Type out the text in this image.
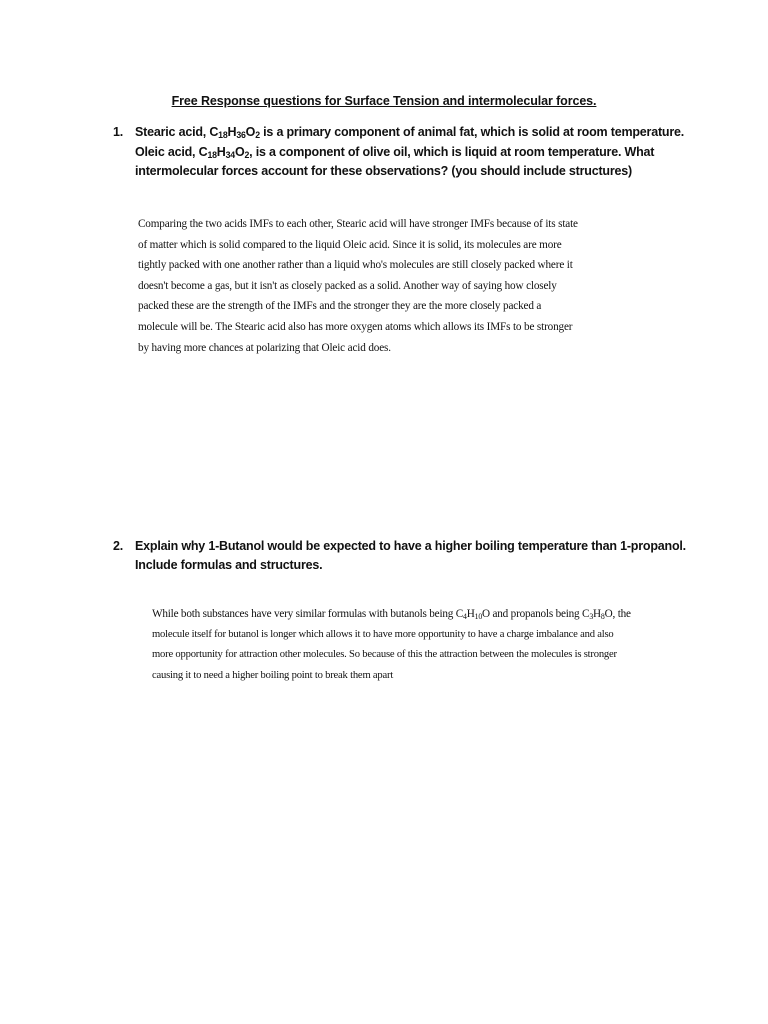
Free Response questions for Surface Tension and intermolecular forces.
1. Stearic acid, $C_{18}H_{36}O_2$ is a primary component of animal fat, which is solid at room temperature.
Oleic acid, $C_{18}H_{34}O_2$, is a component of olive oil, which is liquid at room temperature. What
intermolecular forces account for these observations? (you should include structures)
Comparing the two acids IMFs to each other, Stearic acid will have stronger IMFs because of its state
of matter which is solid compared to the liquid Oleic acid. Since it is solid, its molecules are more
tightly packed with one another rather than a liquid who's molecules are still closely packed where it
doesn't become a gas, but it isn't as closely packed as a solid. Another way of saying how closely
packed these are the strength of the IMFs and the stronger they are the more closely packed a
molecule will be. The Stearic acid also has more oxygen atoms which allows its IMFs to be stronger
by having more chances at polarizing that Oleic acid does.
2. Explain why 1-Butanol would be expected to have a higher boiling temperature than 1-propanol.
Include formulas and structures.
While both substances have very similar formulas with butanols being $C_4H_{10}O$ and propanols being $C_3H_8O$, the
molecule itself for butanol is longer which allows it to have more opportunity to have a charge imbalance and also
more opportunity for attraction other molecules. So because of this the attraction between the molecules is stronger
causing it to need a higher boiling point to break them apart
